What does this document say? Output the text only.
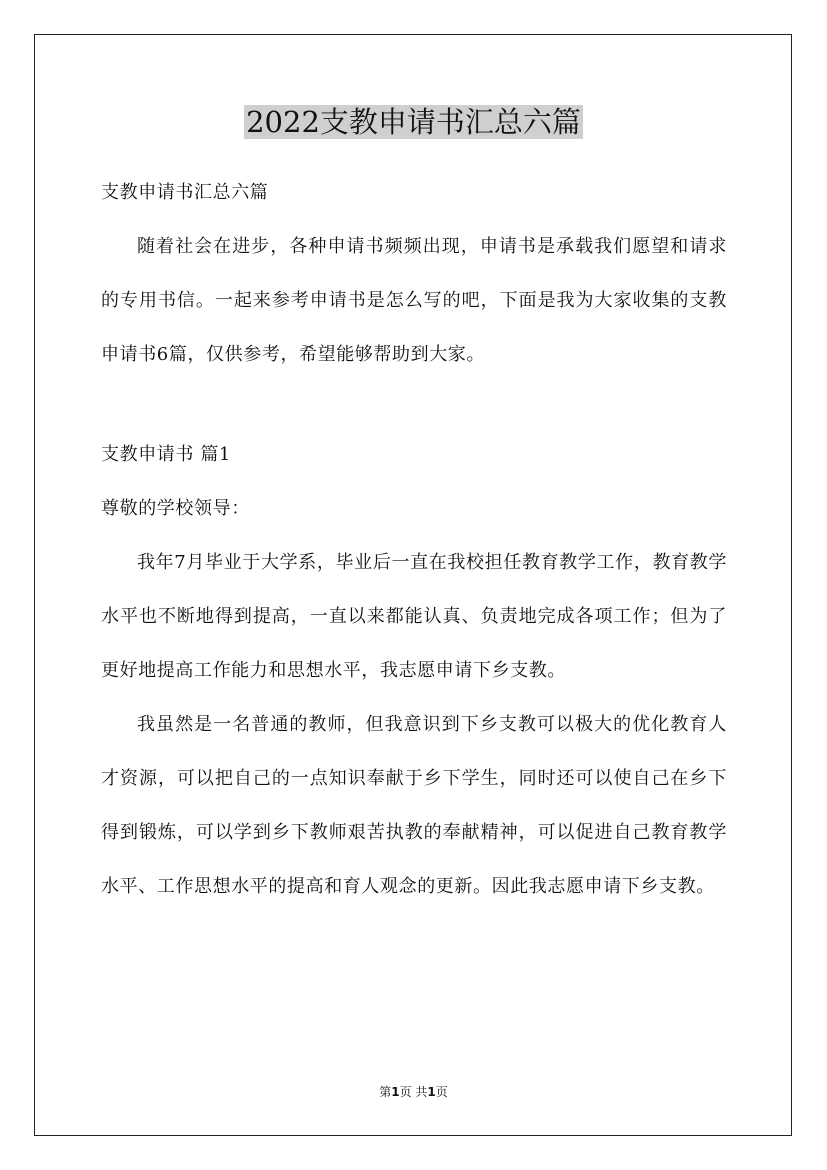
2022支教申请书汇总六篇

支教申请书汇总六篇

随着社会在进步，各种申请书频频出现，申请书是承载我们愿望和请求的专用书信。一起来参考申请书是怎么写的吧，下面是我为大家收集的支教申请书6篇，仅供参考，希望能够帮助到大家。

支教申请书 篇1

尊敬的学校领导：

我年7月毕业于大学系，毕业后一直在我校担任教育教学工作，教育教学水平也不断地得到提高，一直以来都能认真、负责地完成各项工作；但为了更好地提高工作能力和思想水平，我志愿申请下乡支教。

我虽然是一名普通的教师，但我意识到下乡支教可以极大的优化教育人才资源，可以把自己的一点知识奉献于乡下学生，同时还可以使自己在乡下得到锻炼，可以学到乡下教师艰苦执教的奉献精神，可以促进自己教育教学水平、工作思想水平的提高和育人观念的更新。因此我志愿申请下乡支教。

第1页 共1页
